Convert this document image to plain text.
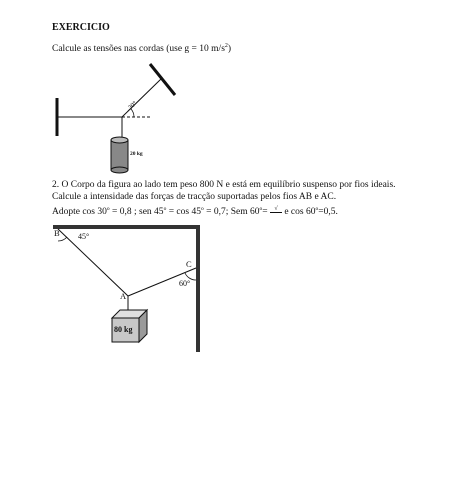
EXERCICIO
Calcule as tensões nas cordas (use g = 10 $m/s^2$)
30°
20 kg
2. O Corpo da figura ao lado tem peso 800 N e está em equilíbrio suspenso por fios ideais.
Calcule a intensidade das forças de tracção suportadas pelos fios AB e AC.
Adopte $\cos 30^o = 0,8$ ; sen $45^o = \cos 45^o = 0,7$; Sem $60^o=$ √ e $\cos 60^o=0,5$.
B 45°
C
60°
A
80 kg
